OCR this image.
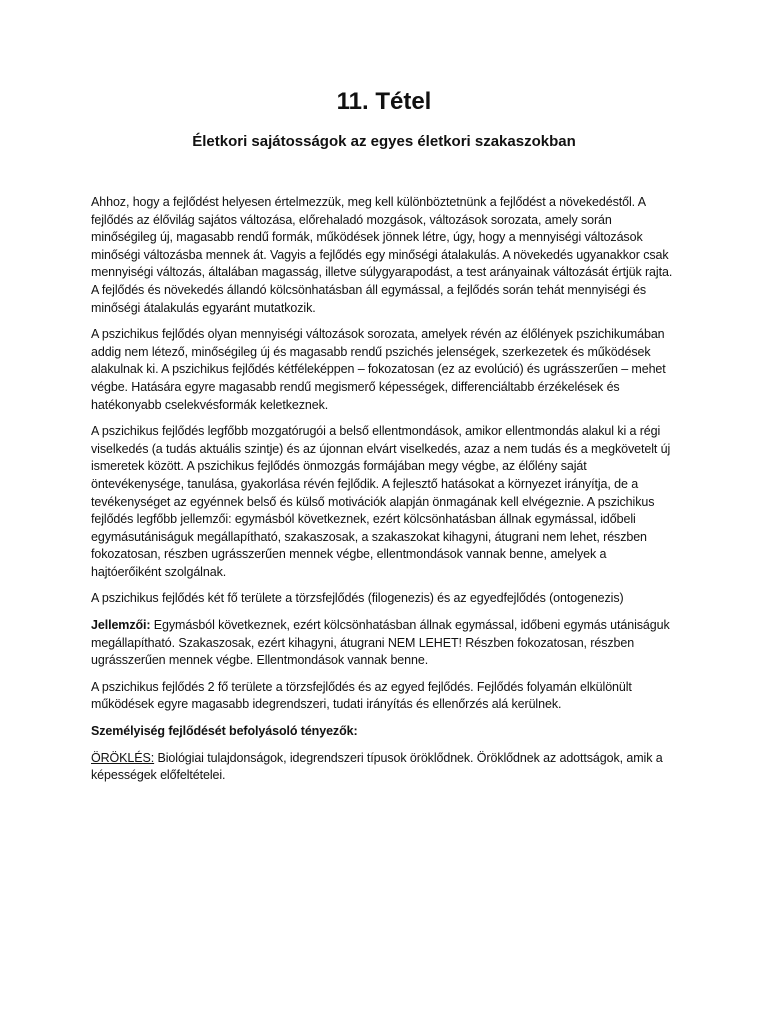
11. Tétel
Életkori sajátosságok az egyes életkori szakaszokban

Ahhoz, hogy a fejlődést helyesen értelmezzük, meg kell különböztetnünk a fejlődést a növekedéstől. A fejlődés az élővilág sajátos változása, előrehaladó mozgások, változások sorozata, amely során minőségileg új, magasabb rendű formák, működések jönnek létre, úgy, hogy a mennyiségi változások minőségi változásba mennek át. Vagyis a fejlődés egy minőségi átalakulás. A növekedés ugyanakkor csak mennyiségi változás, általában magasság, illetve súlygyarapodást, a test arányainak változását értjük rajta. A fejlődés és növekedés állandó kölcsönhatásban áll egymással, a fejlődés során tehát mennyiségi és minőségi átalakulás egyaránt mutatkozik.

A pszichikus fejlődés olyan mennyiségi változások sorozata, amelyek révén az élőlények pszichikumában addig nem létező, minőségileg új és magasabb rendű pszichés jelenségek, szerkezetek és működések alakulnak ki. A pszichikus fejlődés kétféleképpen – fokozatosan (ez az evolúció) és ugrásszerűen – mehet végbe. Hatására egyre magasabb rendű megismerő képességek, differenciáltabb érzékelések és hatékonyabb cselekvésformák keletkeznek.

A pszichikus fejlődés legfőbb mozgatórugói a belső ellentmondások, amikor ellentmondás alakul ki a régi viselkedés (a tudás aktuális szintje) és az újonnan elvárt viselkedés, azaz a nem tudás és a megkövetelt új ismeretek között. A pszichikus fejlődés önmozgás formájában megy végbe, az élőlény saját öntevékenysége, tanulása, gyakorlása révén fejlődik. A fejlesztő hatásokat a környezet irányítja, de a tevékenységet az egyénnek belső és külső motivációk alapján önmagának kell elvégeznie. A pszichikus fejlődés legfőbb jellemzői: egymásból következnek, ezért kölcsönhatásban állnak egymással, időbeli egymásutániságuk megállapítható, szakaszosak, a szakaszokat kihagyni, átugrani nem lehet, részben fokozatosan, részben ugrásszerűen mennek végbe, ellentmondások vannak benne, amelyek a hajtóerőiként szolgálnak.

A pszichikus fejlődés két fő területe a törzsfejlődés (filogenezis) és az egyedfejlődés (ontogenezis)

Jellemzői: Egymásból következnek, ezért kölcsönhatásban állnak egymással, időbeni egymás utániságuk megállapítható. Szakaszosak, ezért kihagyni, átugrani NEM LEHET! Részben fokozatosan, részben ugrásszerűen mennek végbe. Ellentmondások vannak benne.

A pszichikus fejlődés 2 fő területe a törzsfejlődés és az egyed fejlődés. Fejlődés folyamán elkülönült működések egyre magasabb idegrendszeri, tudati irányítás és ellenőrzés alá kerülnek.

Személyiség fejlődését befolyásoló tényezők:

ÖRÖKLÉS: Biológiai tulajdonságok, idegrendszeri típusok öröklődnek. Öröklődnek az adottságok, amik a képességek előfeltételei.
